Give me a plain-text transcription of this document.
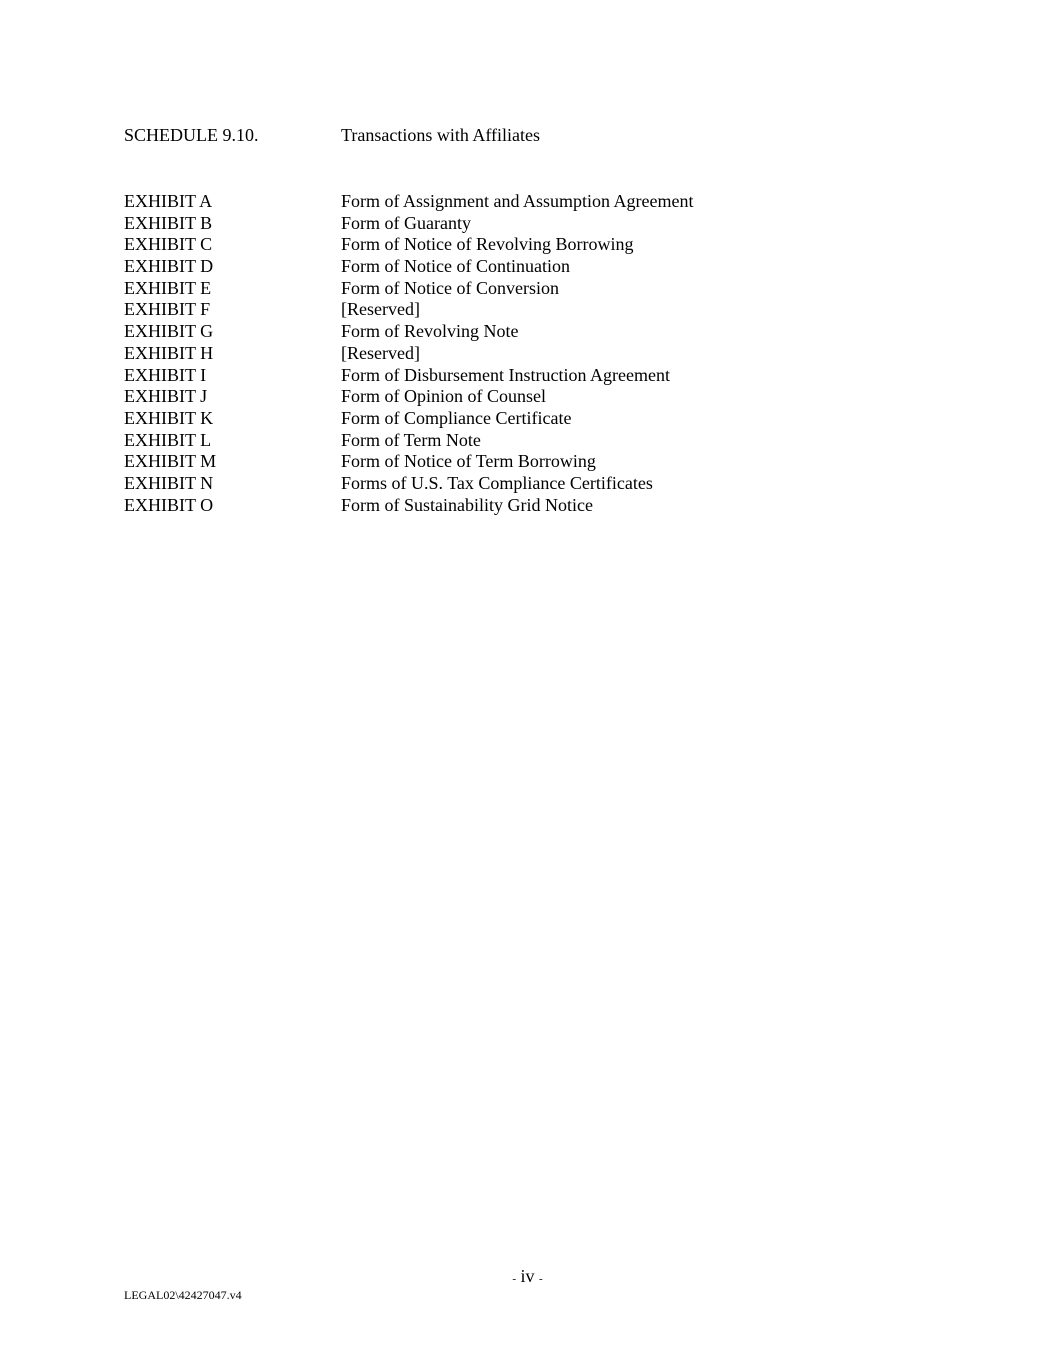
SCHEDULE 9.10.	Transactions with Affiliates
EXHIBIT A	Form of Assignment and Assumption Agreement
EXHIBIT B	Form of Guaranty
EXHIBIT C	Form of Notice of Revolving Borrowing
EXHIBIT D	Form of Notice of Continuation
EXHIBIT E	Form of Notice of Conversion
EXHIBIT F	[Reserved]
EXHIBIT G	Form of Revolving Note
EXHIBIT H	[Reserved]
EXHIBIT I	Form of Disbursement Instruction Agreement
EXHIBIT J	Form of Opinion of Counsel
EXHIBIT K	Form of Compliance Certificate
EXHIBIT L	Form of Term Note
EXHIBIT M	Form of Notice of Term Borrowing
EXHIBIT N	Forms of U.S. Tax Compliance Certificates
EXHIBIT O	Form of Sustainability Grid Notice
- iv -
LEGAL02\42427047.v4
